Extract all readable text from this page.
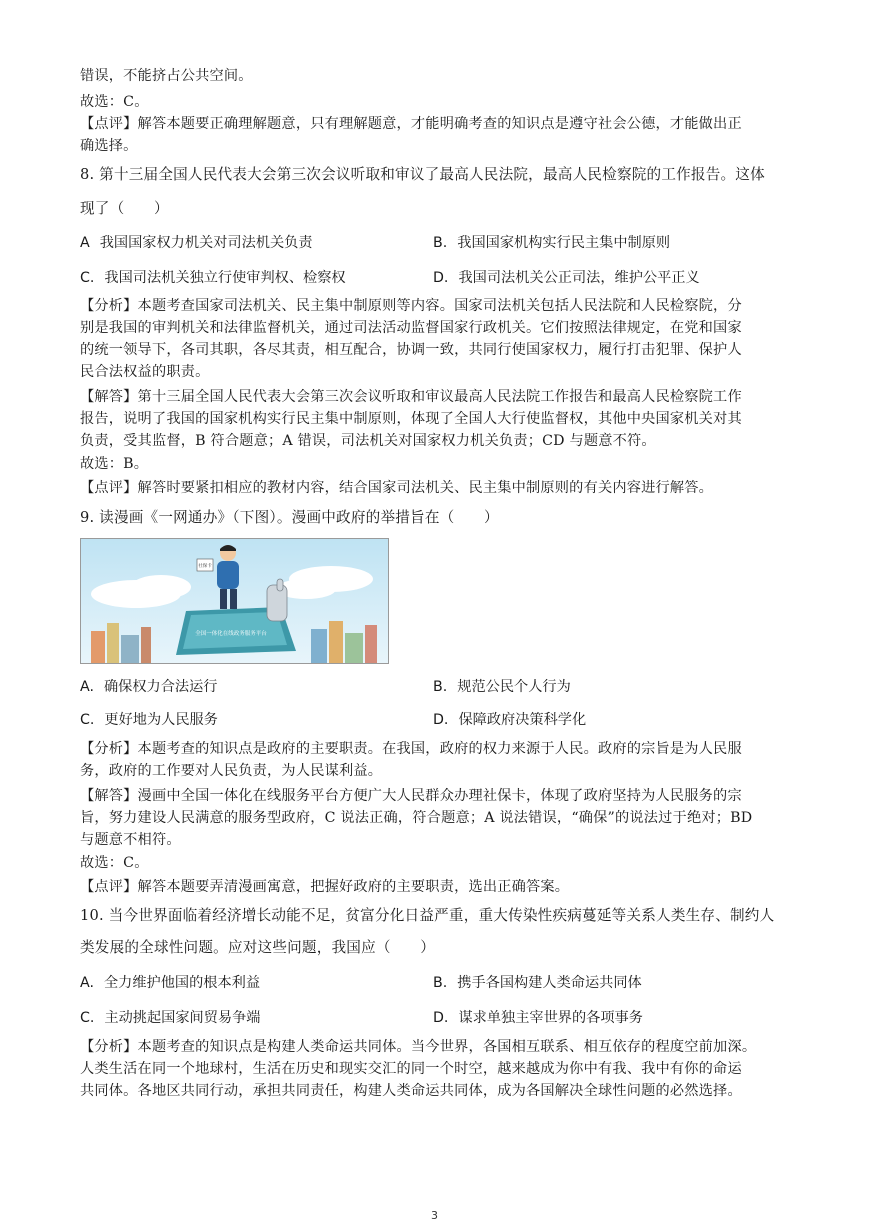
错误，不能挤占公共空间。
故选：C。
【点评】解答本题要正确理解题意，只有理解题意，才能明确考查的知识点是遵守社会公德，才能做出正
确选择。
8. 第十三届全国人民代表大会第三次会议听取和审议了最高人民法院，最高人民检察院的工作报告。这体
现了（　　）
A 我国国家权力机关对司法机关负责	B. 我国国家机构实行民主集中制原则
C. 我国司法机关独立行使审判权、检察权	D. 我国司法机关公正司法，维护公平正义
【分析】本题考查国家司法机关、民主集中制原则等内容。国家司法机关包括人民法院和人民检察院，分
别是我国的审判机关和法律监督机关，通过司法活动监督国家行政机关。它们按照法律规定，在党和国家
的统一领导下，各司其职，各尽其责，相互配合，协调一致，共同行使国家权力，履行打击犯罪、保护人
民合法权益的职责。
【解答】第十三届全国人民代表大会第三次会议听取和审议最高人民法院工作报告和最高人民检察院工作
报告，说明了我国的国家机构实行民主集中制原则，体现了全国人大行使监督权，其他中央国家机关对其
负责，受其监督，B 符合题意；A 错误，司法机关对国家权力机关负责；CD 与题意不符。
故选：B。
【点评】解答时要紧扣相应的教材内容，结合国家司法机关、民主集中制原则的有关内容进行解答。
9. 读漫画《一网通办》（下图）。漫画中政府的举措旨在（　　）
全国一体化在线政务服务平台
社保卡
A. 确保权力合法运行	B. 规范公民个人行为
C. 更好地为人民服务	D. 保障政府决策科学化
【分析】本题考查的知识点是政府的主要职责。在我国，政府的权力来源于人民。政府的宗旨是为人民服
务，政府的工作要对人民负责，为人民谋利益。
【解答】漫画中全国一体化在线服务平台方便广大人民群众办理社保卡，体现了政府坚持为人民服务的宗
旨，努力建设人民满意的服务型政府，C 说法正确，符合题意；A 说法错误，“确保”的说法过于绝对；BD
与题意不相符。
故选：C。
【点评】解答本题要弄清漫画寓意，把握好政府的主要职责，选出正确答案。
10. 当今世界面临着经济增长动能不足，贫富分化日益严重，重大传染性疾病蔓延等关系人类生存、制约人
类发展的全球性问题。应对这些问题，我国应（　　）
A. 全力维护他国的根本利益	B. 携手各国构建人类命运共同体
C. 主动挑起国家间贸易争端	D. 谋求单独主宰世界的各项事务
【分析】本题考查的知识点是构建人类命运共同体。当今世界，各国相互联系、相互依存的程度空前加深。
人类生活在同一个地球村，生活在历史和现实交汇的同一个时空，越来越成为你中有我、我中有你的命运
共同体。各地区共同行动，承担共同责任，构建人类命运共同体，成为各国解决全球性问题的必然选择。
3
